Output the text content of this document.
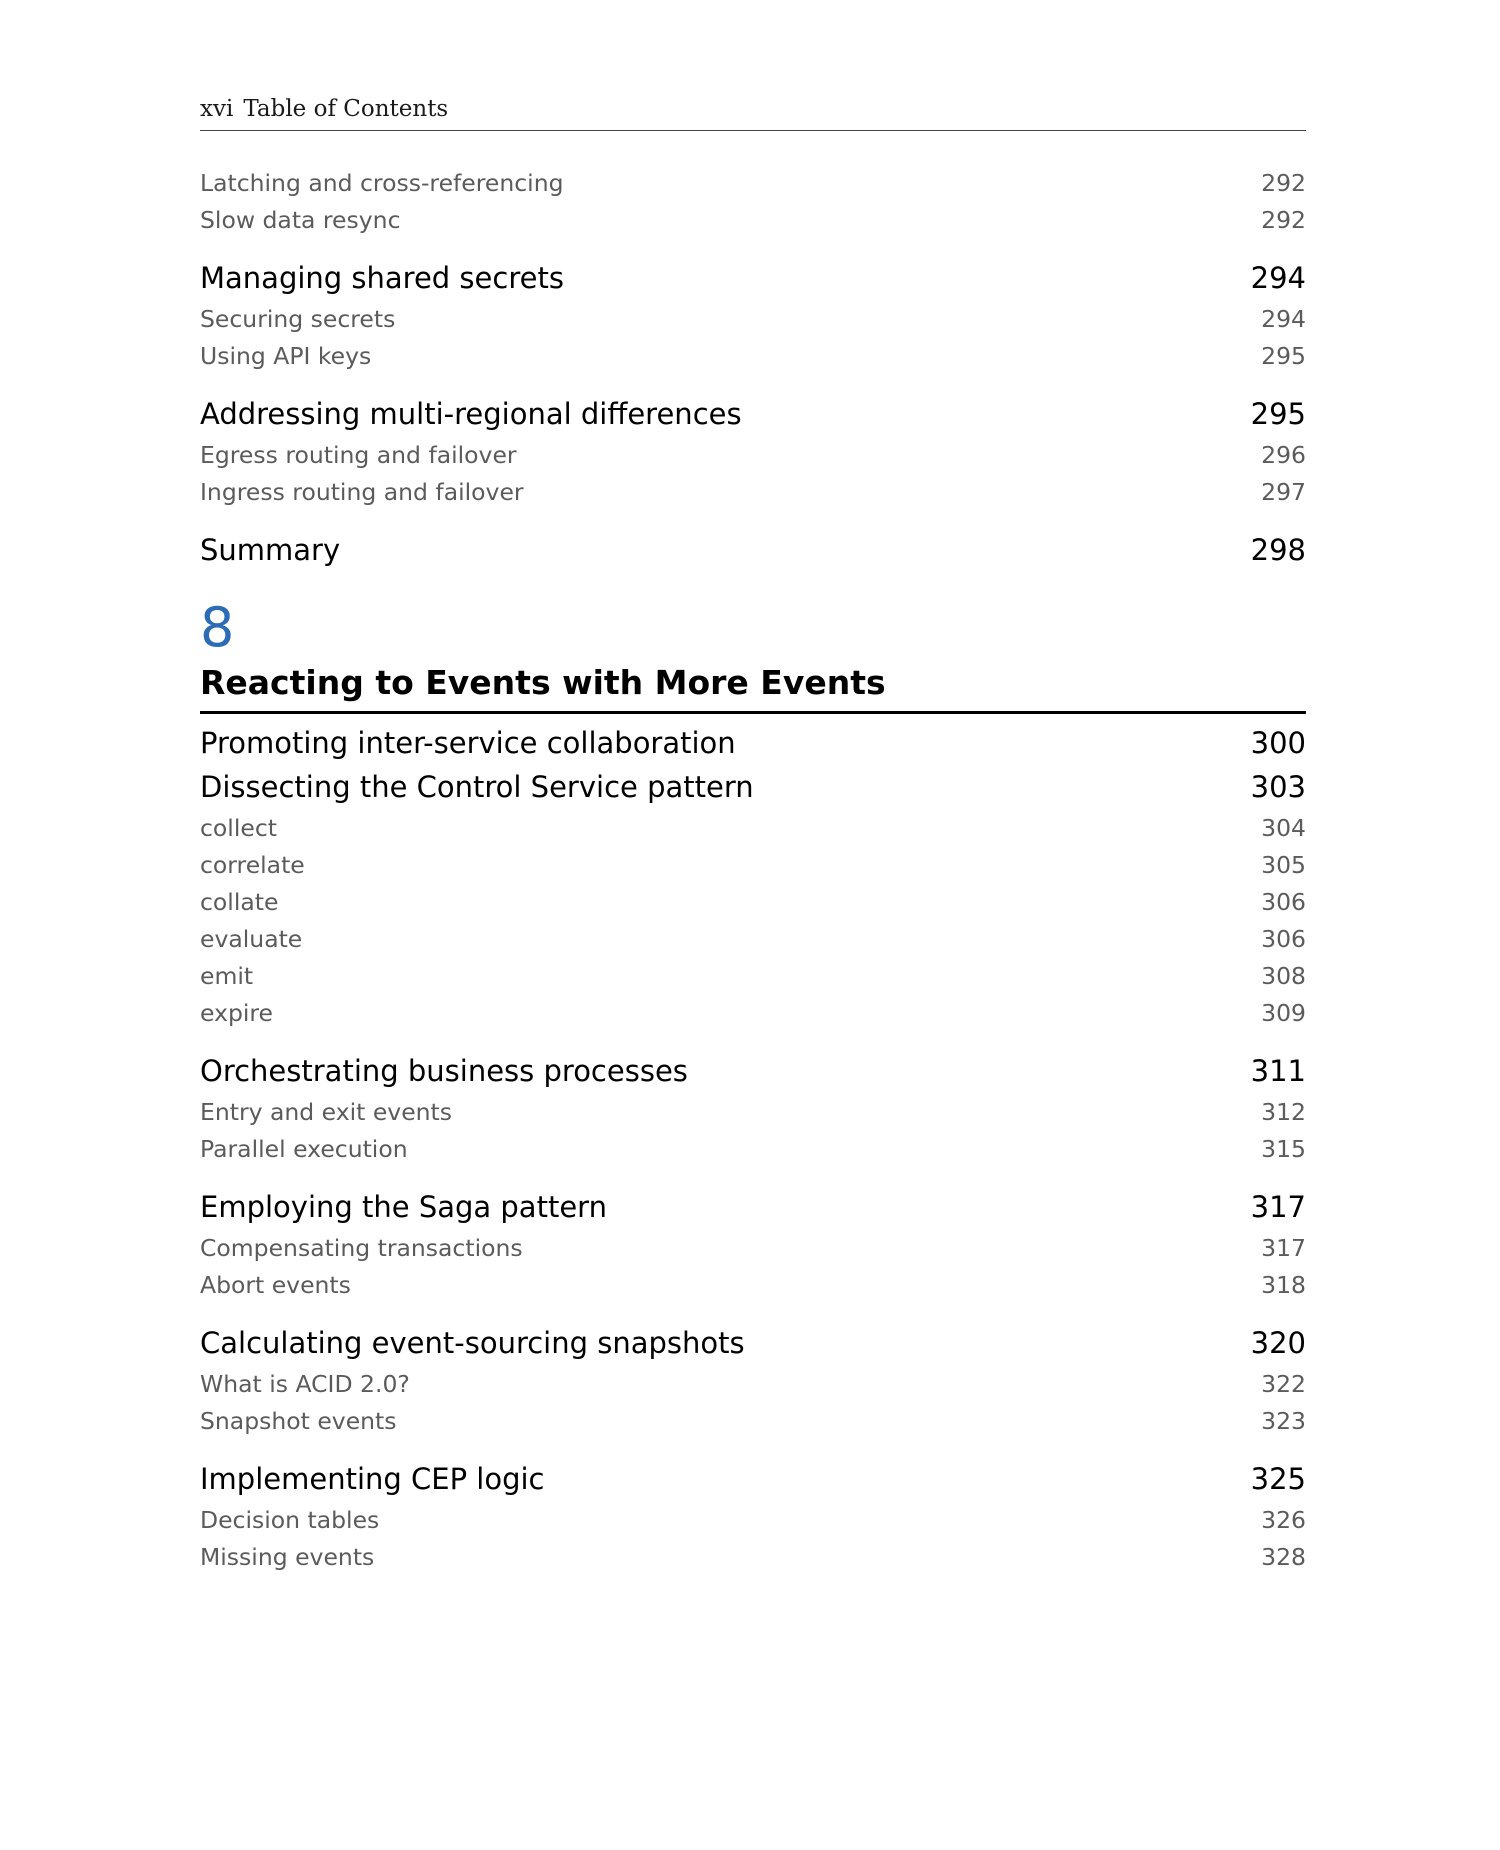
xvi Table of Contents
Latching and cross-referencing	292
Slow data resync	292
Managing shared secrets	294
Securing secrets	294
Using API keys	295
Addressing multi-regional differences	295
Egress routing and failover	296
Ingress routing and failover	297
Summary	298
8
Reacting to Events with More Events
Promoting inter-service collaboration	300
Dissecting the Control Service pattern	303
collect	304
correlate	305
collate	306
evaluate	306
emit	308
expire	309
Orchestrating business processes	311
Entry and exit events	312
Parallel execution	315
Employing the Saga pattern	317
Compensating transactions	317
Abort events	318
Calculating event-sourcing snapshots	320
What is ACID 2.0?	322
Snapshot events	323
Implementing CEP logic	325
Decision tables	326
Missing events	328
